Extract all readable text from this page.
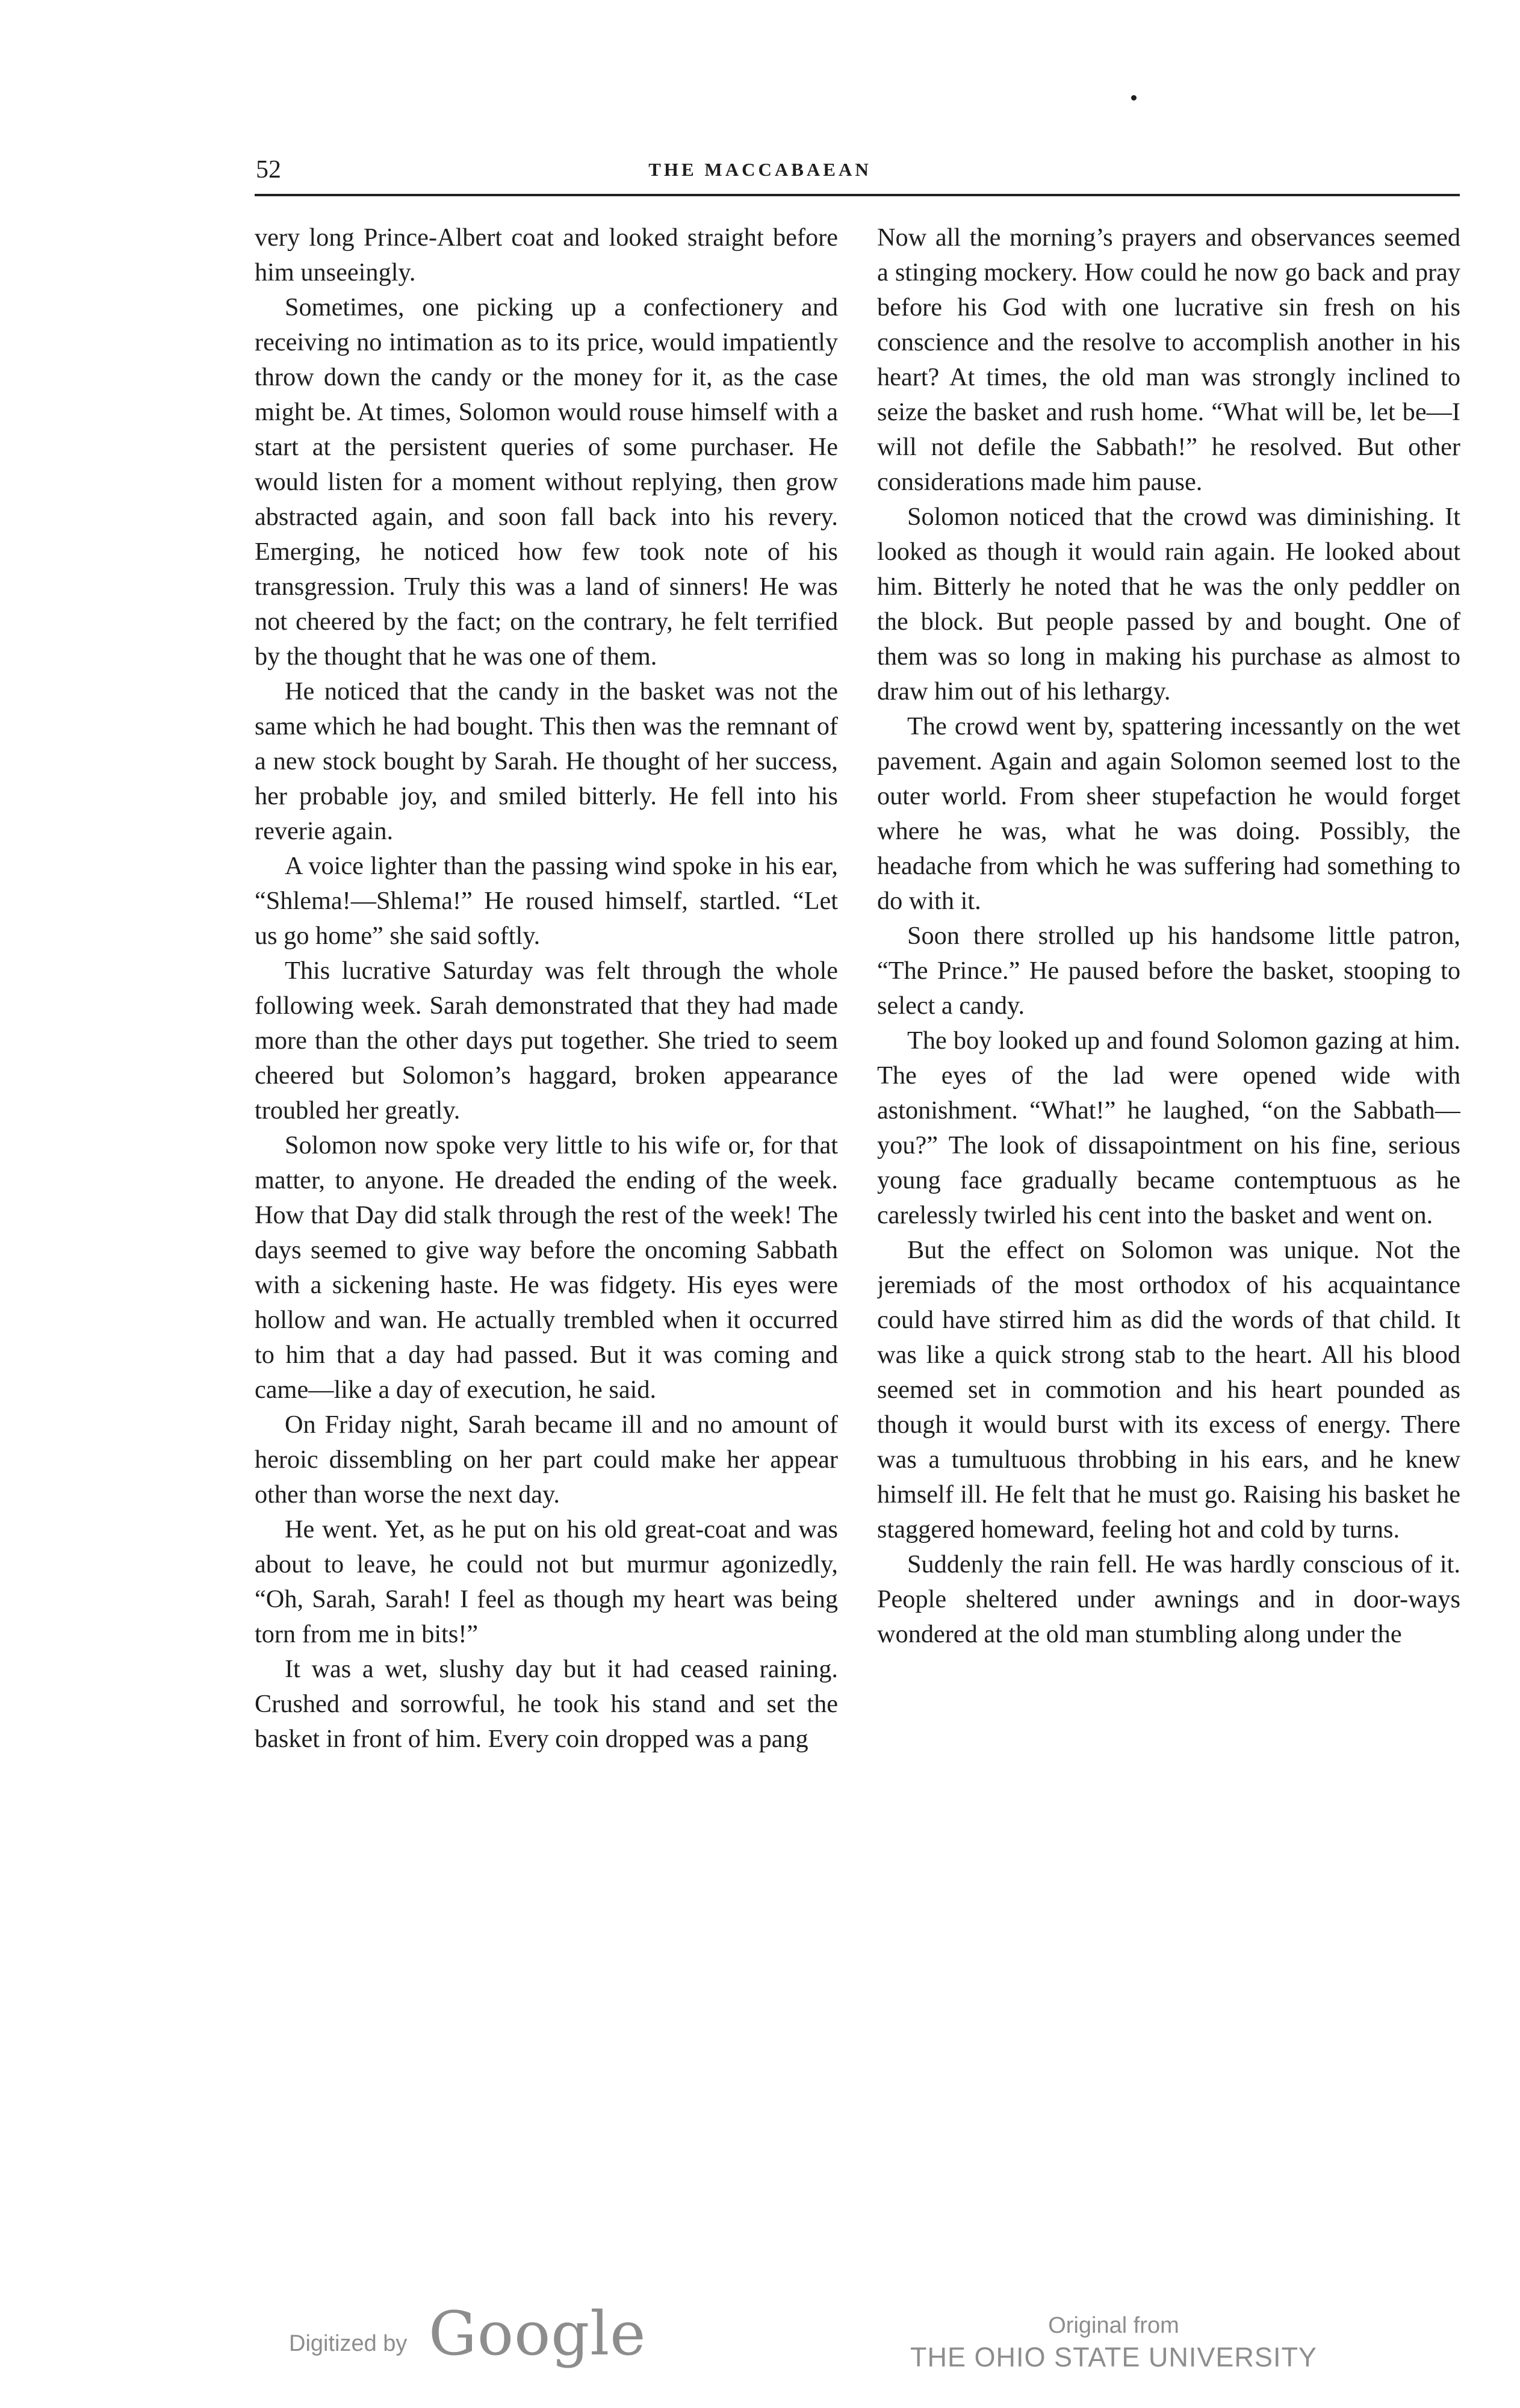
52	THE MACCABAEAN

very long Prince-Albert coat and looked straight before him unseeingly.

Sometimes, one picking up a confectionery and receiving no intimation as to its price, would impatiently throw down the candy or the money for it, as the case might be. At times, Solomon would rouse himself with a start at the persistent queries of some purchaser. He would listen for a moment without replying, then grow abstracted again, and soon fall back into his revery. Emerging, he noticed how few took note of his transgression. Truly this was a land of sinners! He was not cheered by the fact; on the contrary, he felt terrified by the thought that he was one of them.

He noticed that the candy in the basket was not the same which he had bought. This then was the remnant of a new stock bought by Sarah. He thought of her success, her probable joy, and smiled bitterly. He fell into his reverie again.

A voice lighter than the passing wind spoke in his ear, “Shlema!—Shlema!” He roused himself, startled. “Let us go home” she said softly.

This lucrative Saturday was felt through the whole following week. Sarah demonstrated that they had made more than the other days put together. She tried to seem cheered but Solomon’s haggard, broken appearance troubled her greatly.

Solomon now spoke very little to his wife or, for that matter, to anyone. He dreaded the ending of the week. How that Day did stalk through the rest of the week! The days seemed to give way before the oncoming Sabbath with a sickening haste. He was fidgety. His eyes were hollow and wan. He actually trembled when it occurred to him that a day had passed. But it was coming and came—like a day of execution, he said.

On Friday night, Sarah became ill and no amount of heroic dissembling on her part could make her appear other than worse the next day.

He went. Yet, as he put on his old great-coat and was about to leave, he could not but murmur agonizedly, “Oh, Sarah, Sarah! I feel as though my heart was being torn from me in bits!”

It was a wet, slushy day but it had ceased raining. Crushed and sorrowful, he took his stand and set the basket in front of him. Every coin dropped was a pang

Now all the morning’s prayers and observances seemed a stinging mockery. How could he now go back and pray before his God with one lucrative sin fresh on his conscience and the resolve to accomplish another in his heart? At times, the old man was strongly inclined to seize the basket and rush home. “What will be, let be—I will not defile the Sabbath!” he resolved. But other considerations made him pause.

Solomon noticed that the crowd was diminishing. It looked as though it would rain again. He looked about him. Bitterly he noted that he was the only peddler on the block. But people passed by and bought. One of them was so long in making his purchase as almost to draw him out of his lethargy.

The crowd went by, spattering incessantly on the wet pavement. Again and again Solomon seemed lost to the outer world. From sheer stupefaction he would forget where he was, what he was doing. Possibly, the headache from which he was suffering had something to do with it.

Soon there strolled up his handsome little patron, “The Prince.” He paused before the basket, stooping to select a candy.

The boy looked up and found Solomon gazing at him. The eyes of the lad were opened wide with astonishment. “What!” he laughed, “on the Sabbath—you?” The look of dissapointment on his fine, serious young face gradually became contemptuous as he carelessly twirled his cent into the basket and went on.

But the effect on Solomon was unique. Not the jeremiads of the most orthodox of his acquaintance could have stirred him as did the words of that child. It was like a quick strong stab to the heart. All his blood seemed set in commotion and his heart pounded as though it would burst with its excess of energy. There was a tumultuous throbbing in his ears, and he knew himself ill. He felt that he must go. Raising his basket he staggered homeward, feeling hot and cold by turns.

Suddenly the rain fell. He was hardly conscious of it. People sheltered under awnings and in door-ways wondered at the old man stumbling along under the

Digitized by Google	Original from
THE OHIO STATE UNIVERSITY
